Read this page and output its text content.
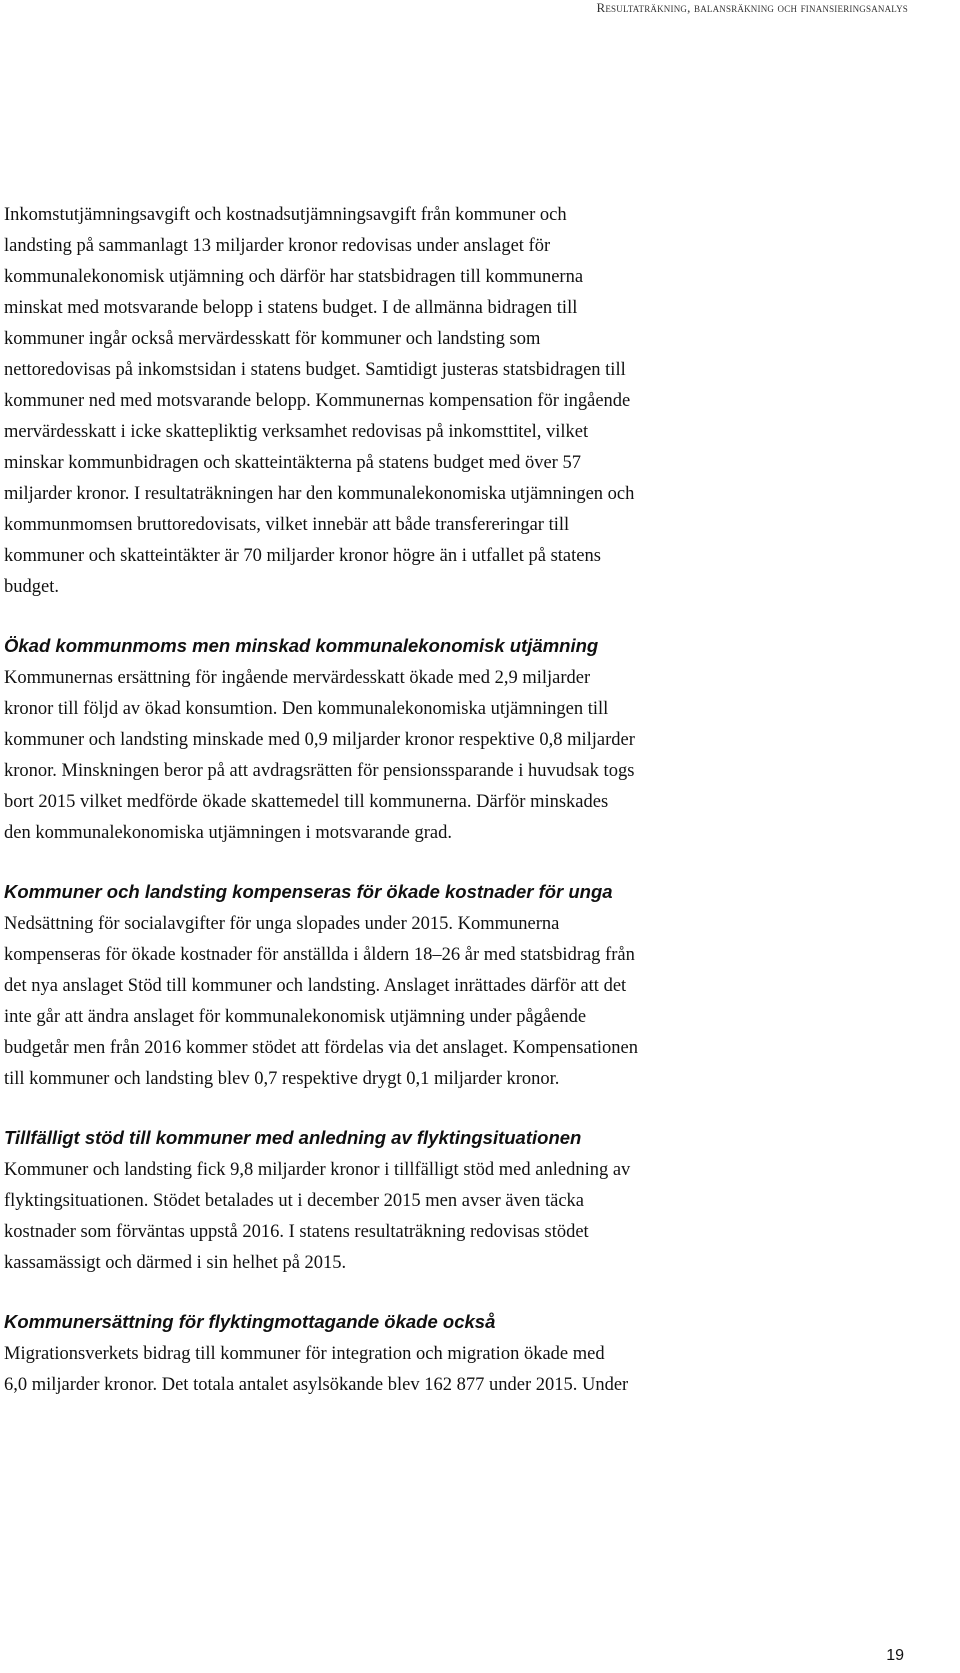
Resultaträkning, balansräkning och finansieringsanalys

Inkomstutjämningsavgift och kostnadsutjämningsavgift från kommuner och
landsting på sammanlagt 13 miljarder kronor redovisas under anslaget för
kommunalekonomisk utjämning och därför har statsbidragen till kommunerna
minskat med motsvarande belopp i statens budget. I de allmänna bidragen till
kommuner ingår också mervärdesskatt för kommuner och landsting som
nettoredovisas på inkomstsidan i statens budget. Samtidigt justeras statsbidragen till
kommuner ned med motsvarande belopp. Kommunernas kompensation för ingående
mervärdesskatt i icke skattepliktig verksamhet redovisas på inkomsttitel, vilket
minskar kommunbidragen och skatteintäkterna på statens budget med över 57
miljarder kronor. I resultaträkningen har den kommunalekonomiska utjämningen och
kommunmomsen bruttoredovisats, vilket innebär att både transfereringar till
kommuner och skatteintäkter är 70 miljarder kronor högre än i utfallet på statens
budget.

Ökad kommunmoms men minskad kommunalekonomisk utjämning

Kommunernas ersättning för ingående mervärdesskatt ökade med 2,9 miljarder
kronor till följd av ökad konsumtion. Den kommunalekonomiska utjämningen till
kommuner och landsting minskade med 0,9 miljarder kronor respektive 0,8 miljarder
kronor. Minskningen beror på att avdragsrätten för pensionssparande i huvudsak togs
bort 2015 vilket medförde ökade skattemedel till kommunerna. Därför minskades
den kommunalekonomiska utjämningen i motsvarande grad.

Kommuner och landsting kompenseras för ökade kostnader för unga

Nedsättning för socialavgifter för unga slopades under 2015. Kommunerna
kompenseras för ökade kostnader för anställda i åldern 18–26 år med statsbidrag från
det nya anslaget Stöd till kommuner och landsting. Anslaget inrättades därför att det
inte går att ändra anslaget för kommunalekonomisk utjämning under pågående
budgetår men från 2016 kommer stödet att fördelas via det anslaget. Kompensationen
till kommuner och landsting blev 0,7 respektive drygt 0,1 miljarder kronor.

Tillfälligt stöd till kommuner med anledning av flyktingsituationen

Kommuner och landsting fick 9,8 miljarder kronor i tillfälligt stöd med anledning av
flyktingsituationen. Stödet betalades ut i december 2015 men avser även täcka
kostnader som förväntas uppstå 2016. I statens resultaträkning redovisas stödet
kassamässigt och därmed i sin helhet på 2015.

Kommunersättning för flyktingmottagande ökade också

Migrationsverkets bidrag till kommuner för integration och migration ökade med
6,0 miljarder kronor. Det totala antalet asylsökande blev 162 877 under 2015. Under

19
